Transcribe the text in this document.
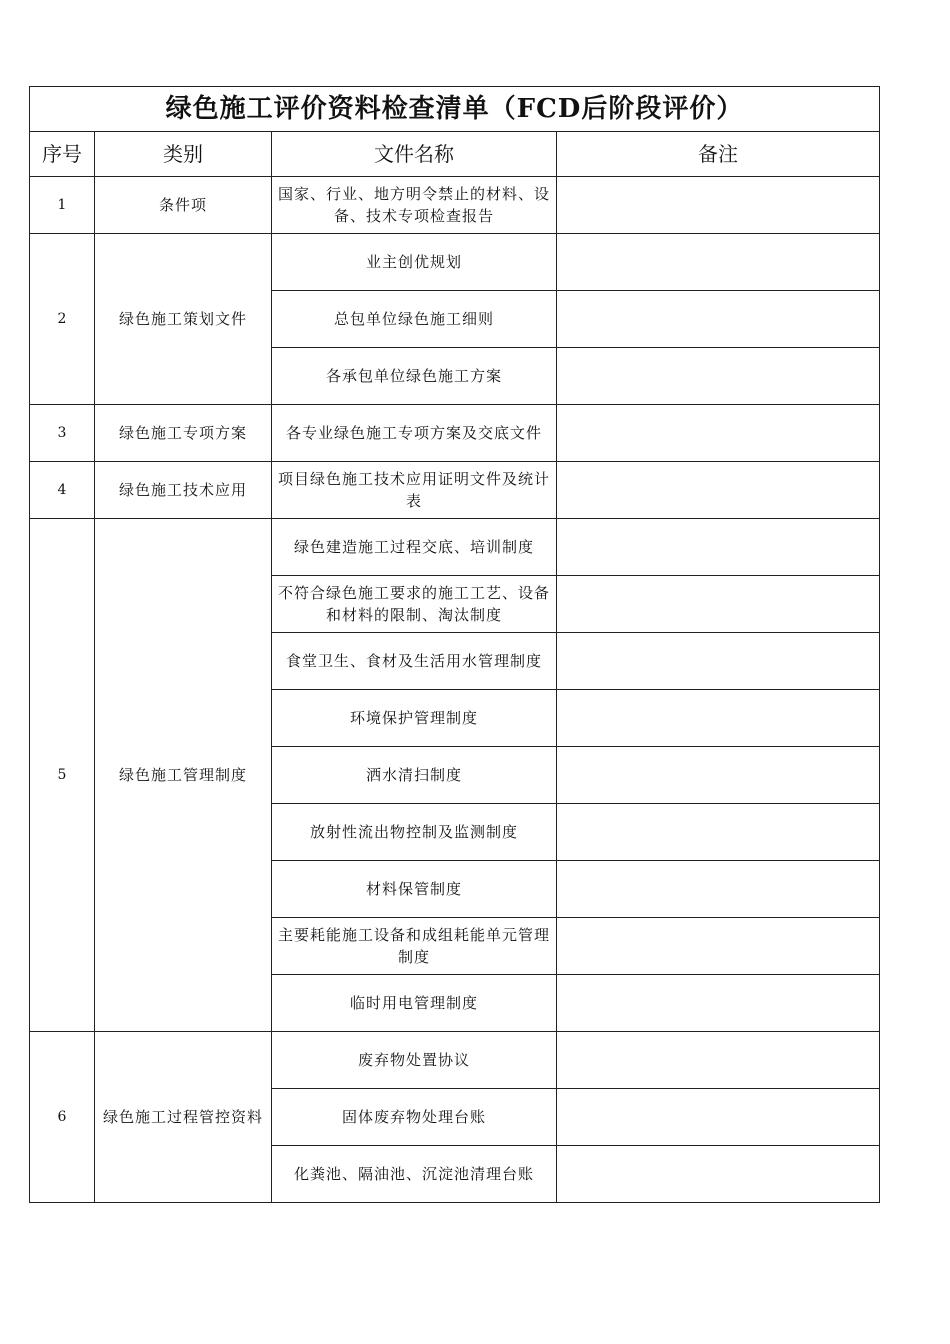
绿色施工评价资料检查清单（FCD后阶段评价）			
序号	类别	文件名称	备注
1	条件项	国家、行业、地方明令禁止的材料、设备、技术专项检查报告	
2	绿色施工策划文件	业主创优规划	
		总包单位绿色施工细则	
		各承包单位绿色施工方案	
3	绿色施工专项方案	各专业绿色施工专项方案及交底文件	
4	绿色施工技术应用	项目绿色施工技术应用证明文件及统计表	
5	绿色施工管理制度	绿色建造施工过程交底、培训制度	
		不符合绿色施工要求的施工工艺、设备和材料的限制、淘汰制度	
		食堂卫生、食材及生活用水管理制度	
		环境保护管理制度	
		洒水清扫制度	
		放射性流出物控制及监测制度	
		材料保管制度	
		主要耗能施工设备和成组耗能单元管理制度	
		临时用电管理制度	
6	绿色施工过程管控资料	废弃物处置协议	
		固体废弃物处理台账	
		化粪池、隔油池、沉淀池清理台账	
